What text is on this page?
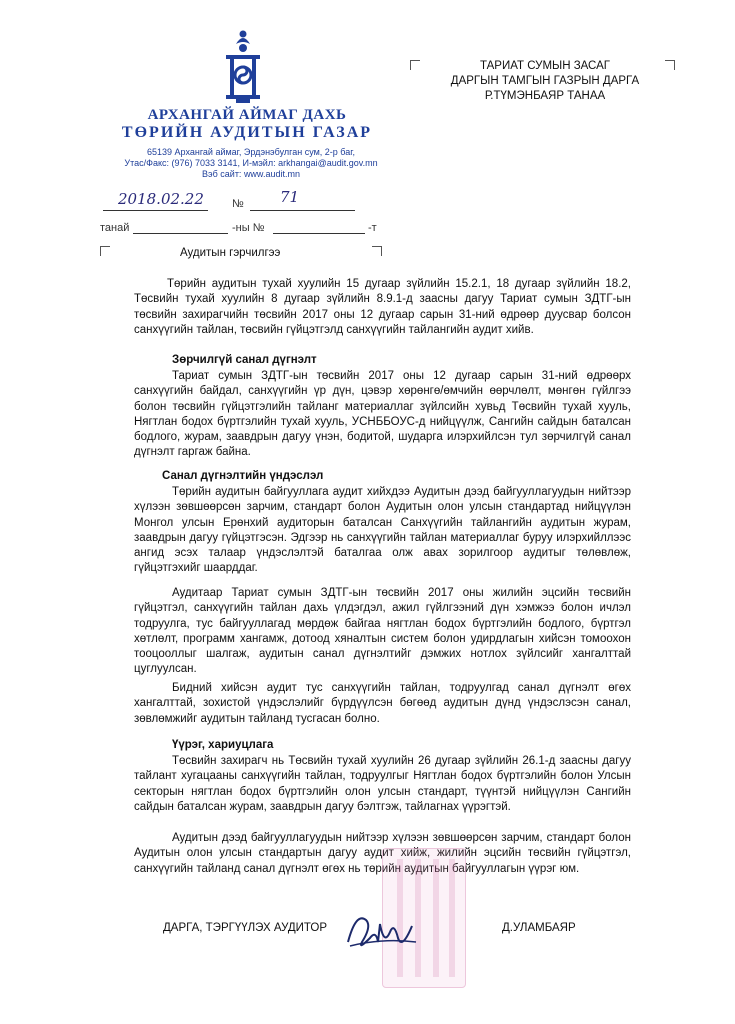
АРХАНГАЙ АЙМАГ ДАХЬ
ТӨРИЙН АУДИТЫН ГАЗАР
65139 Архангай аймаг, Эрдэнэбулган сум, 2-р баг,
Утас/Факс: (976) 7033 3141, И-мэйл: arkhangai@audit.gov.mn
Вэб сайт: www.audit.mn
ТАРИАТ СУМЫН ЗАСАГ
ДАРГЫН ТАМГЫН ГАЗРЫН ДАРГА
Р.ТҮМЭНБАЯР ТАНАА
2018.02.22	№ 71
танай	-ны №	-т
Аудитын гэрчилгээ
Төрийн аудитын тухай хуулийн 15 дугаар зүйлийн 15.2.1, 18 дугаар зүйлийн 18.2, Төсвийн тухай хуулийн 8 дугаар зүйлийн 8.9.1-д заасны дагуу Тариат сумын ЗДТГ-ын төсвийн захирагчийн төсвийн 2017 оны 12 дугаар сарын 31-ний өдрөөр дуусвар болсон санхүүгийн тайлан, төсвийн гүйцэтгэлд санхүүгийн тайлангийн аудит хийв.
Зөрчилгүй санал дүгнэлт
Тариат сумын ЗДТГ-ын төсвийн 2017 оны 12 дугаар сарын 31-ний өдрөөрх санхүүгийн байдал, санхүүгийн үр дүн, цэвэр хөрөнгө/өмчийн өөрчлөлт, мөнгөн гүйлгээ болон төсвийн гүйцэтгэлийн тайланг материаллаг зүйлсийн хувьд Төсвийн тухай хууль, Нягтлан бодох бүртгэлийн тухай хууль, УСНББОУС-д нийцүүлж, Сангийн сайдын баталсан бодлого, журам, заавдрын дагуу үнэн, бодитой, шударга илэрхийлсэн тул зөрчилгүй санал дүгнэлт гаргаж байна.
Санал дүгнэлтийн үндэслэл
Төрийн аудитын байгууллага аудит хийхдээ Аудитын дээд байгууллагуудын нийтээр хүлээн зөвшөөрсөн зарчим, стандарт болон Аудитын олон улсын стандартад нийцүүлэн Монгол улсын Ерөнхий аудиторын баталсан Санхүүгийн тайлангийн аудитын журам, заавдрын дагуу гүйцэтгэсэн. Эдгээр нь санхүүгийн тайлан материаллаг буруу илэрхийллээс ангид эсэх талаар үндэслэлтэй баталгаа олж авах зорилгоор аудитыг төлөвлөж, гүйцэтгэхийг шаарддаг.
Аудитаар Тариат сумын ЗДТГ-ын төсвийн 2017 оны жилийн эцсийн төсвийн гүйцэтгэл, санхүүгийн тайлан дахь үлдэгдэл, ажил гүйлгээний дүн хэмжээ болон ичлэл тодруулга, тус байгууллагад мөрдөж байгаа нягтлан бодох бүртгэлийн бодлого, бүртгэл хөтлөлт, программ хангамж, дотоод хяналтын систем болон удирдлагын хийсэн томоохон тооцооллыг шалгаж, аудитын санал дүгнэлтийг дэмжих нотлох зүйлсийг хангалттай цуглуулсан.
Бидний хийсэн аудит тус санхүүгийн тайлан, тодруулгад санал дүгнэлт өгөх хангалттай, зохистой үндэслэлийг бүрдүүлсэн бөгөөд аудитын дүнд үндэслэсэн санал, зөвлөмжийг аудитын тайланд тусгасан болно.
Үүрэг, хариуцлага
Төсвийн захирагч нь Төсвийн тухай хуулийн 26 дугаар зүйлийн 26.1-д заасны дагуу тайлант хугацааны санхүүгийн тайлан, тодруулгыг Нягтлан бодох бүртгэлийн болон Улсын секторын нягтлан бодох бүртгэлийн олон улсын стандарт, түүнтэй нийцүүлэн Сангийн сайдын баталсан журам, заавдрын дагуу бэлтгэж, тайлагнах үүрэгтэй.
Аудитын дээд байгууллагуудын нийтээр хүлээн зөвшөөрсөн зарчим, стандарт болон Аудитын олон улсын стандартын дагуу аудит хийж, жилийн эцсийн төсвийн гүйцэтгэл, санхүүгийн тайланд санал дүгнэлт өгөх нь төрийн аудитын байгууллагын үүрэг юм.
ДАРГА, ТЭРГҮҮЛЭХ АУДИТОР	Д.УЛАМБАЯР
